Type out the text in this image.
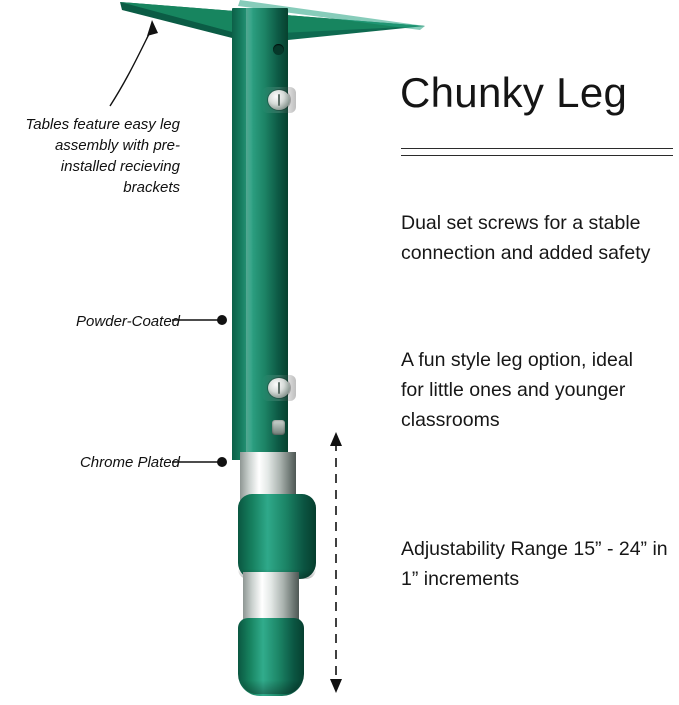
Tables feature easy leg assembly with pre-installed recieving brackets
Powder-Coated
Chrome Plated
Chunky Leg
Dual set screws for a stable connection and added safety
A fun style leg option, ideal for little ones and younger classrooms
Adjustability Range 15” - 24” in 1” increments
